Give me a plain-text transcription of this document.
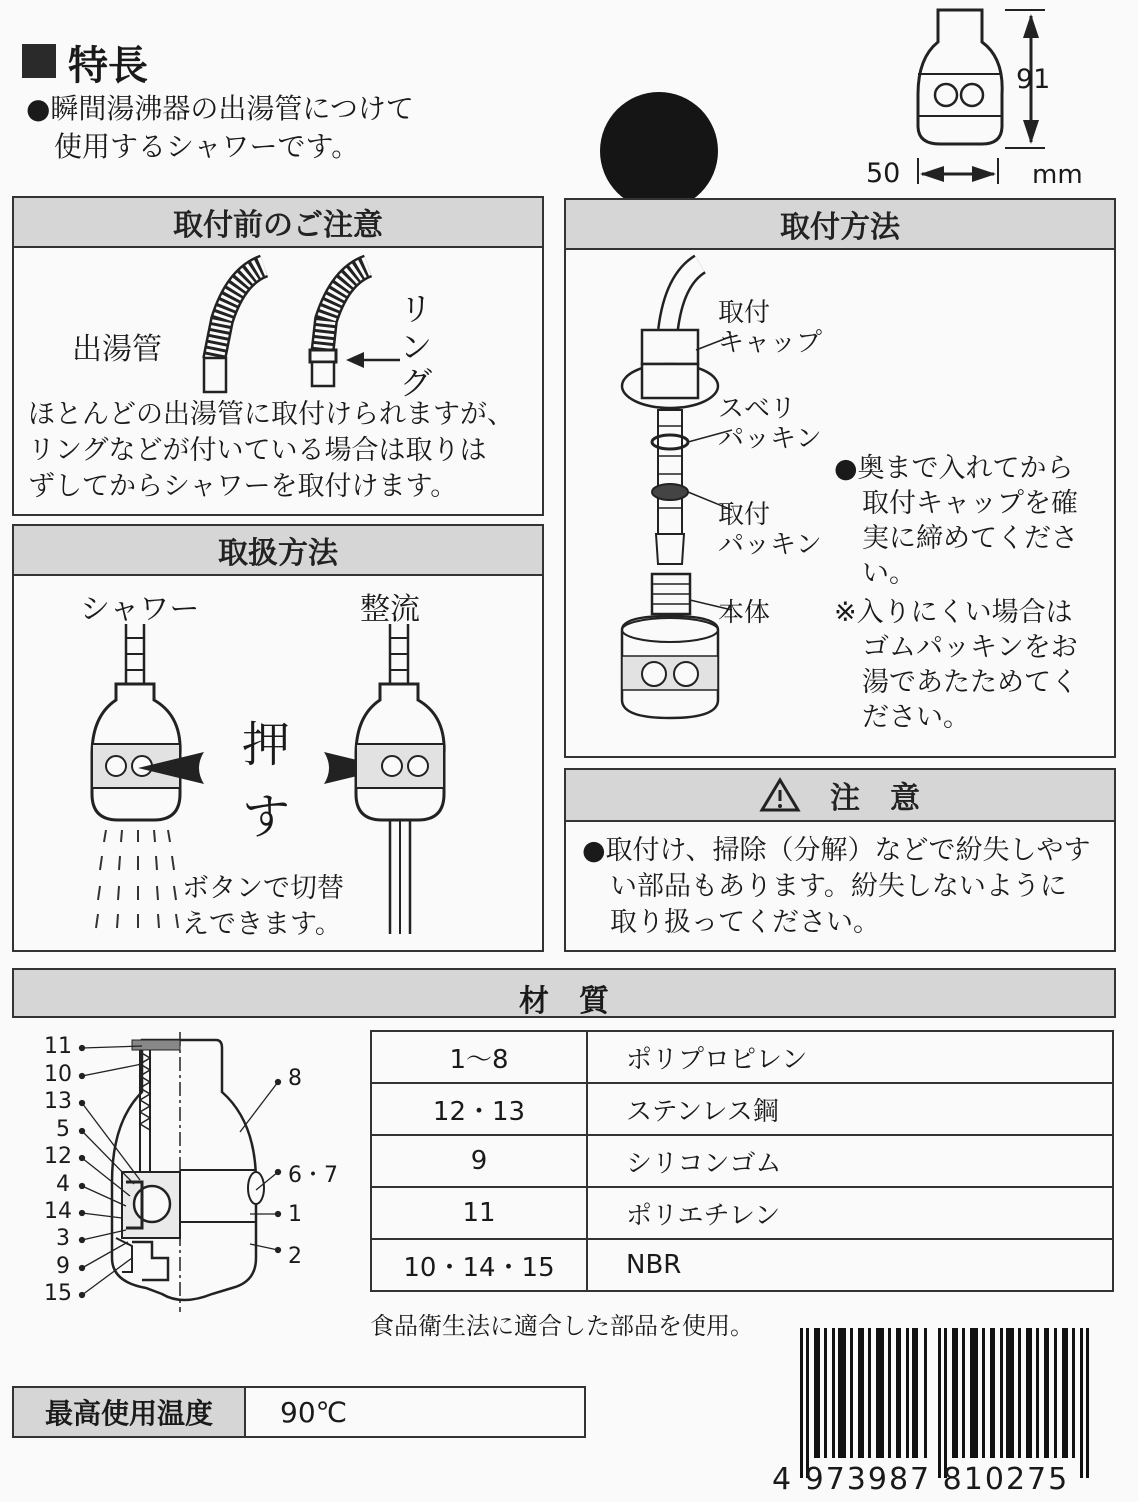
特長
●瞬間湯沸器の出湯管につけて
使用するシャワーです。
91
50	mm
取付前のご注意
出湯管
リ
ン
グ
ほとんどの出湯管に取付けられますが、
リングなどが付いている場合は取りは
ずしてからシャワーを取付けます。
取扱方法
シャワー	整流
押
す
ボタンで切替
えできます。
取付方法
取付
キャップ
スベリ
パッキン
取付
パッキン
本体
●奥まで入れてから
取付キャップを確
実に締めてくださ
い。
※入りにくい場合は
ゴムパッキンをお
湯であたためてく
ださい。
注　意
●取付け、掃除（分解）などで紛失しやす
い部品もあります。紛失しないように
取り扱ってください。
材　質
11
10
13
5
12
4
14
3
9
15
8
6・7
1
2
1～8	ポリプロピレン
12・13	ステンレス鋼
9	シリコンゴム
11	ポリエチレン
10・14・15	NBR
食品衛生法に適合した部品を使用。
最高使用温度	90℃
4 973987 810275
